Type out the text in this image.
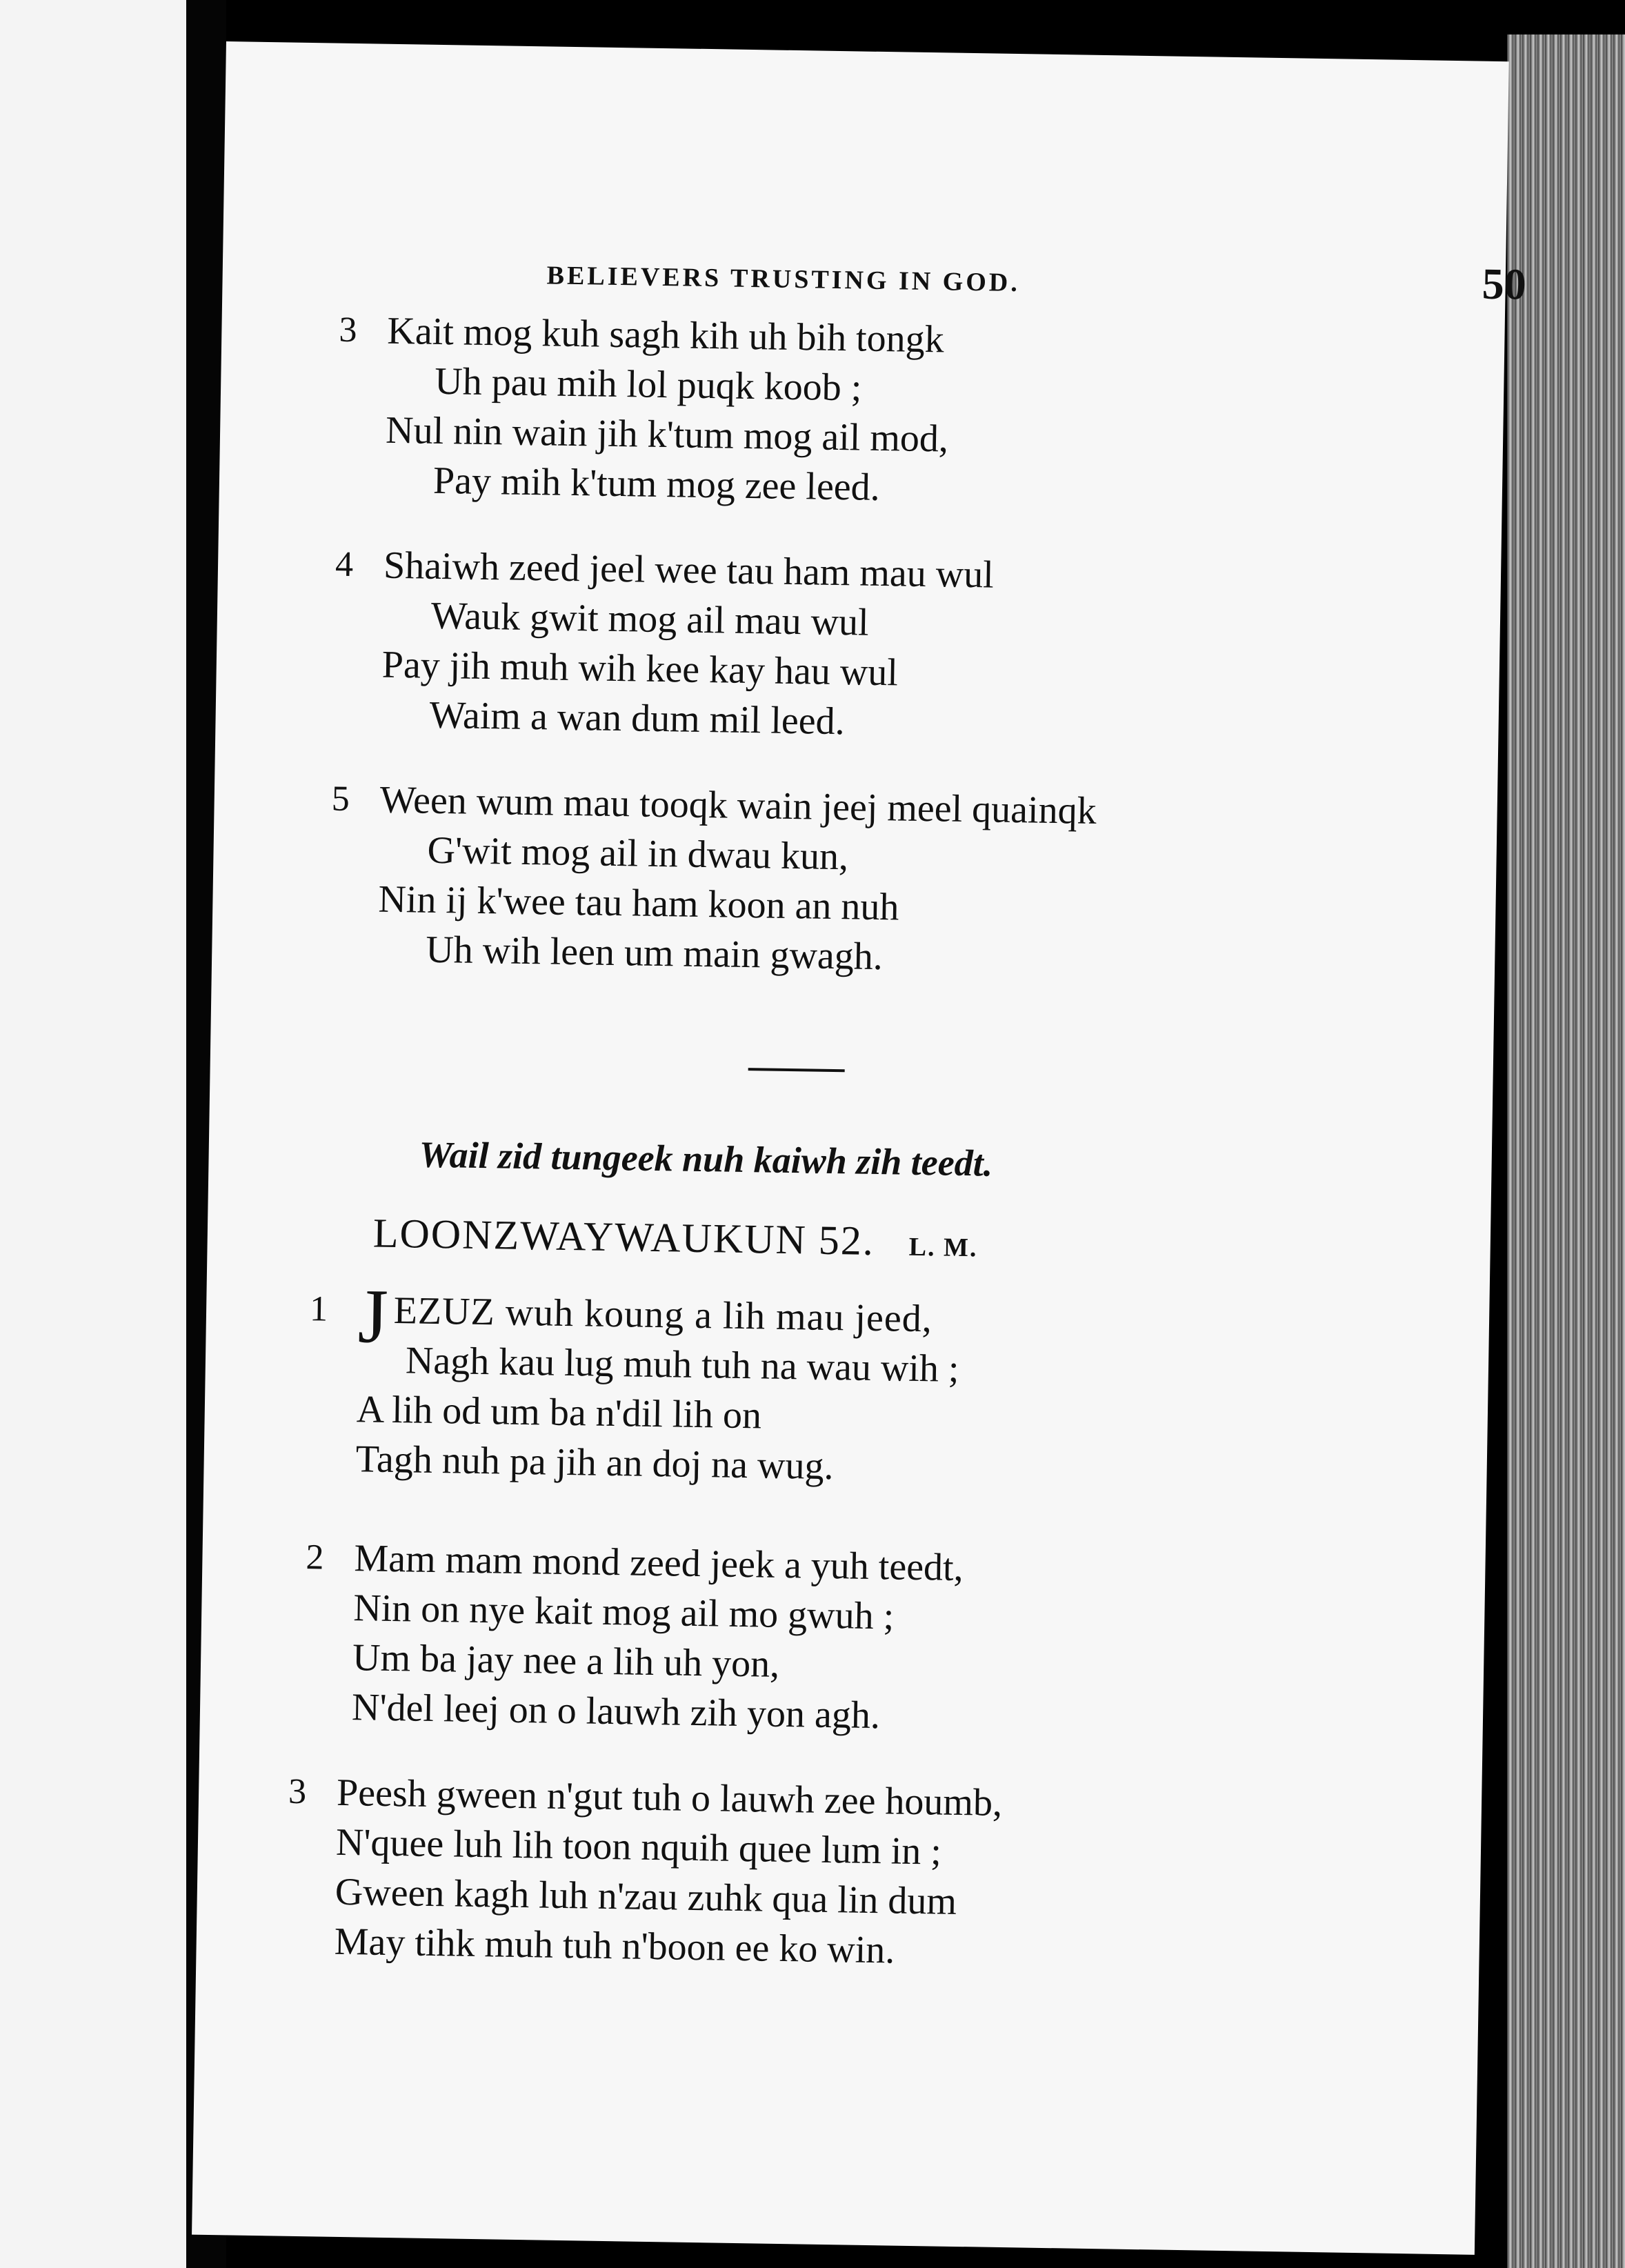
BELIEVERS TRUSTING IN GOD.	50
3 Kait mog kuh sagh kih uh bih tongk
Uh pau mih lol puqk koob ;
Nul nin wain jih k'tum mog ail mod,
Pay mih k'tum mog zee leed.
4 Shaiwh zeed jeel wee tau ham mau wul
Wauk gwit mog ail mau wul
Pay jih muh wih kee kay hau wul
Waim a wan dum mil leed.
5 Ween wum mau tooqk wain jeej meel quainqk
G'wit mog ail in dwau kun,
Nin ij k'wee tau ham koon an nuh
Uh wih leen um main gwagh.
Wail zid tungeek nuh kaiwh zih teedt.
LOONZWAYWAUKUN 52. L. M.
1 JEZUZ wuh koung a lih mau jeed,
Nagh kau lug muh tuh na wau wih ;
A lih od um ba n'dil lih on
Tagh nuh pa jih an doj na wug.
2 Mam mam mond zeed jeek a yuh teedt,
Nin on nye kait mog ail mo gwuh ;
Um ba jay nee a lih uh yon,
N'del leej on o lauwh zih yon agh.
3 Peesh gween n'gut tuh o lauwh zee houmb,
N'quee luh lih toon nquih quee lum in ;
Gween kagh luh n'zau zuhk qua lin dum
May tihk muh tuh n'boon ee ko win.
